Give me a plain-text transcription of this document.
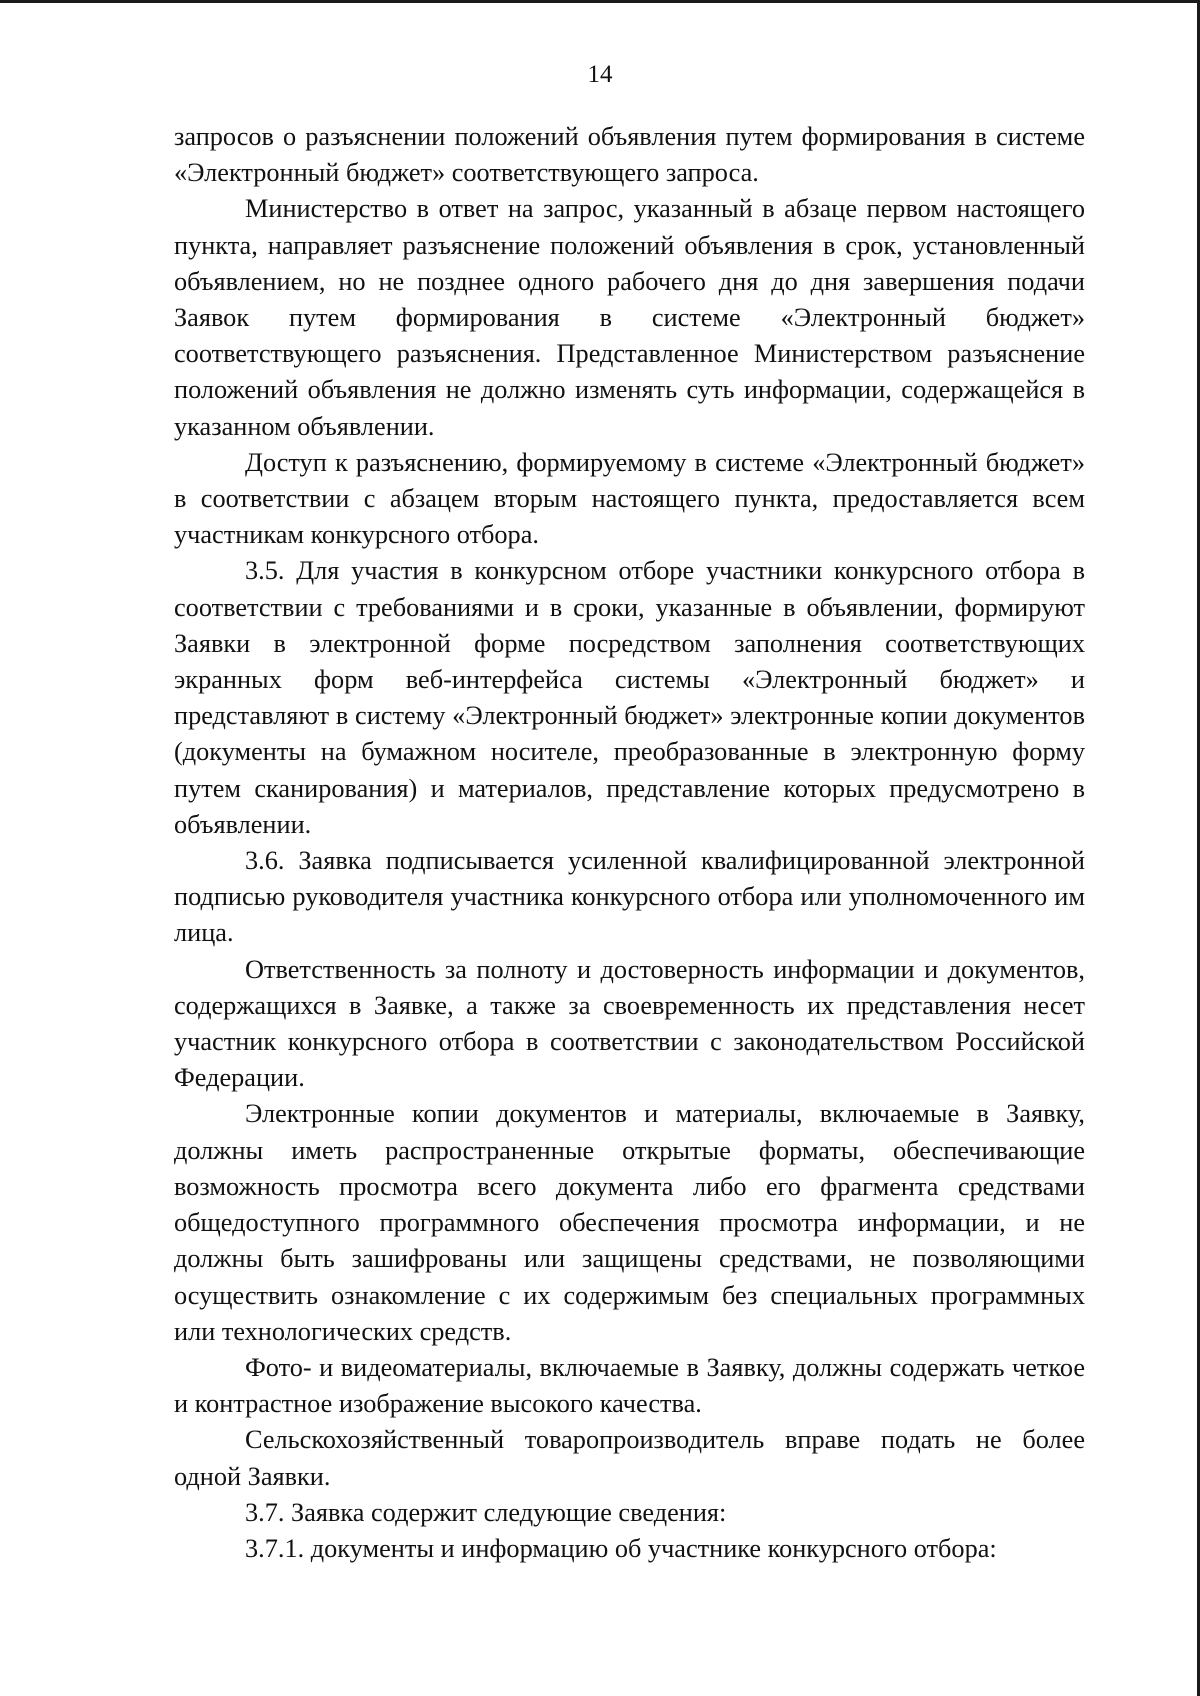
14

запросов о разъяснении положений объявления путем формирования в системе «Электронный бюджет» соответствующего запроса.

Министерство в ответ на запрос, указанный в абзаце первом настоящего пункта, направляет разъяснение положений объявления в срок, установленный объявлением, но не позднее одного рабочего дня до дня завершения подачи Заявок путем формирования в системе «Электронный бюджет» соответствующего разъяснения. Представленное Министерством разъяснение положений объявления не должно изменять суть информации, содержащейся в указанном объявлении.

Доступ к разъяснению, формируемому в системе «Электронный бюджет» в соответствии с абзацем вторым настоящего пункта, предоставляется всем участникам конкурсного отбора.

3.5. Для участия в конкурсном отборе участники конкурсного отбора в соответствии с требованиями и в сроки, указанные в объявлении, формируют Заявки в электронной форме посредством заполнения соответствующих экранных форм веб-интерфейса системы «Электронный бюджет» и представляют в систему «Электронный бюджет» электронные копии документов (документы на бумажном носителе, преобразованные в электронную форму путем сканирования) и материалов, представление которых предусмотрено в объявлении.

3.6. Заявка подписывается усиленной квалифицированной электронной подписью руководителя участника конкурсного отбора или уполномоченного им лица.

Ответственность за полноту и достоверность информации и документов, содержащихся в Заявке, а также за своевременность их представления несет участник конкурсного отбора в соответствии с законодательством Российской Федерации.

Электронные копии документов и материалы, включаемые в Заявку, должны иметь распространенные открытые форматы, обеспечивающие возможность просмотра всего документа либо его фрагмента средствами общедоступного программного обеспечения просмотра информации, и не должны быть зашифрованы или защищены средствами, не позволяющими осуществить ознакомление с их содержимым без специальных программных или технологических средств.

Фото- и видеоматериалы, включаемые в Заявку, должны содержать четкое и контрастное изображение высокого качества.

Сельскохозяйственный товаропроизводитель вправе подать не более одной Заявки.

3.7. Заявка содержит следующие сведения:

3.7.1. документы и информацию об участнике конкурсного отбора:
